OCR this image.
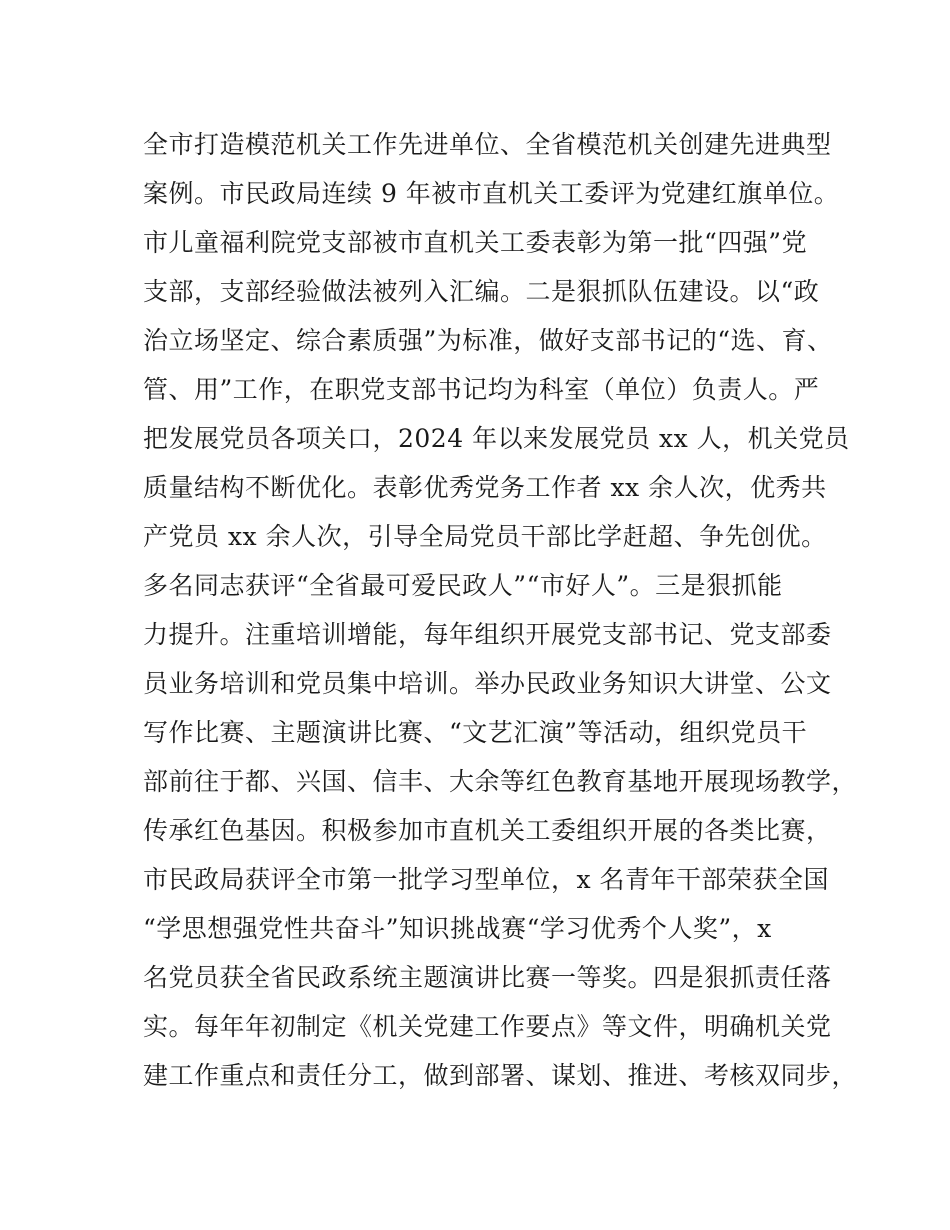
全市打造模范机关工作先进单位、全省模范机关创建先进典型
案例。市民政局连续 9 年被市直机关工委评为党建红旗单位。
市儿童福利院党支部被市直机关工委表彰为第一批“四强”党
支部，支部经验做法被列入汇编。二是狠抓队伍建设。以“政
治立场坚定、综合素质强”为标准，做好支部书记的“选、育、
管、用”工作，在职党支部书记均为科室（单位）负责人。严
把发展党员各项关口，2024 年以来发展党员 xx 人，机关党员
质量结构不断优化。表彰优秀党务工作者 xx 余人次，优秀共
产党员 xx 余人次，引导全局党员干部比学赶超、争先创优。
多名同志获评“全省最可爱民政人”“市好人”。三是狠抓能
力提升。注重培训增能，每年组织开展党支部书记、党支部委
员业务培训和党员集中培训。举办民政业务知识大讲堂、公文
写作比赛、主题演讲比赛、“文艺汇演”等活动，组织党员干
部前往于都、兴国、信丰、大余等红色教育基地开展现场教学，
传承红色基因。积极参加市直机关工委组织开展的各类比赛，
市民政局获评全市第一批学习型单位，x 名青年干部荣获全国
“学思想强党性共奋斗”知识挑战赛“学习优秀个人奖”，x
名党员获全省民政系统主题演讲比赛一等奖。四是狠抓责任落
实。每年年初制定《机关党建工作要点》等文件，明确机关党
建工作重点和责任分工，做到部署、谋划、推进、考核双同步，
